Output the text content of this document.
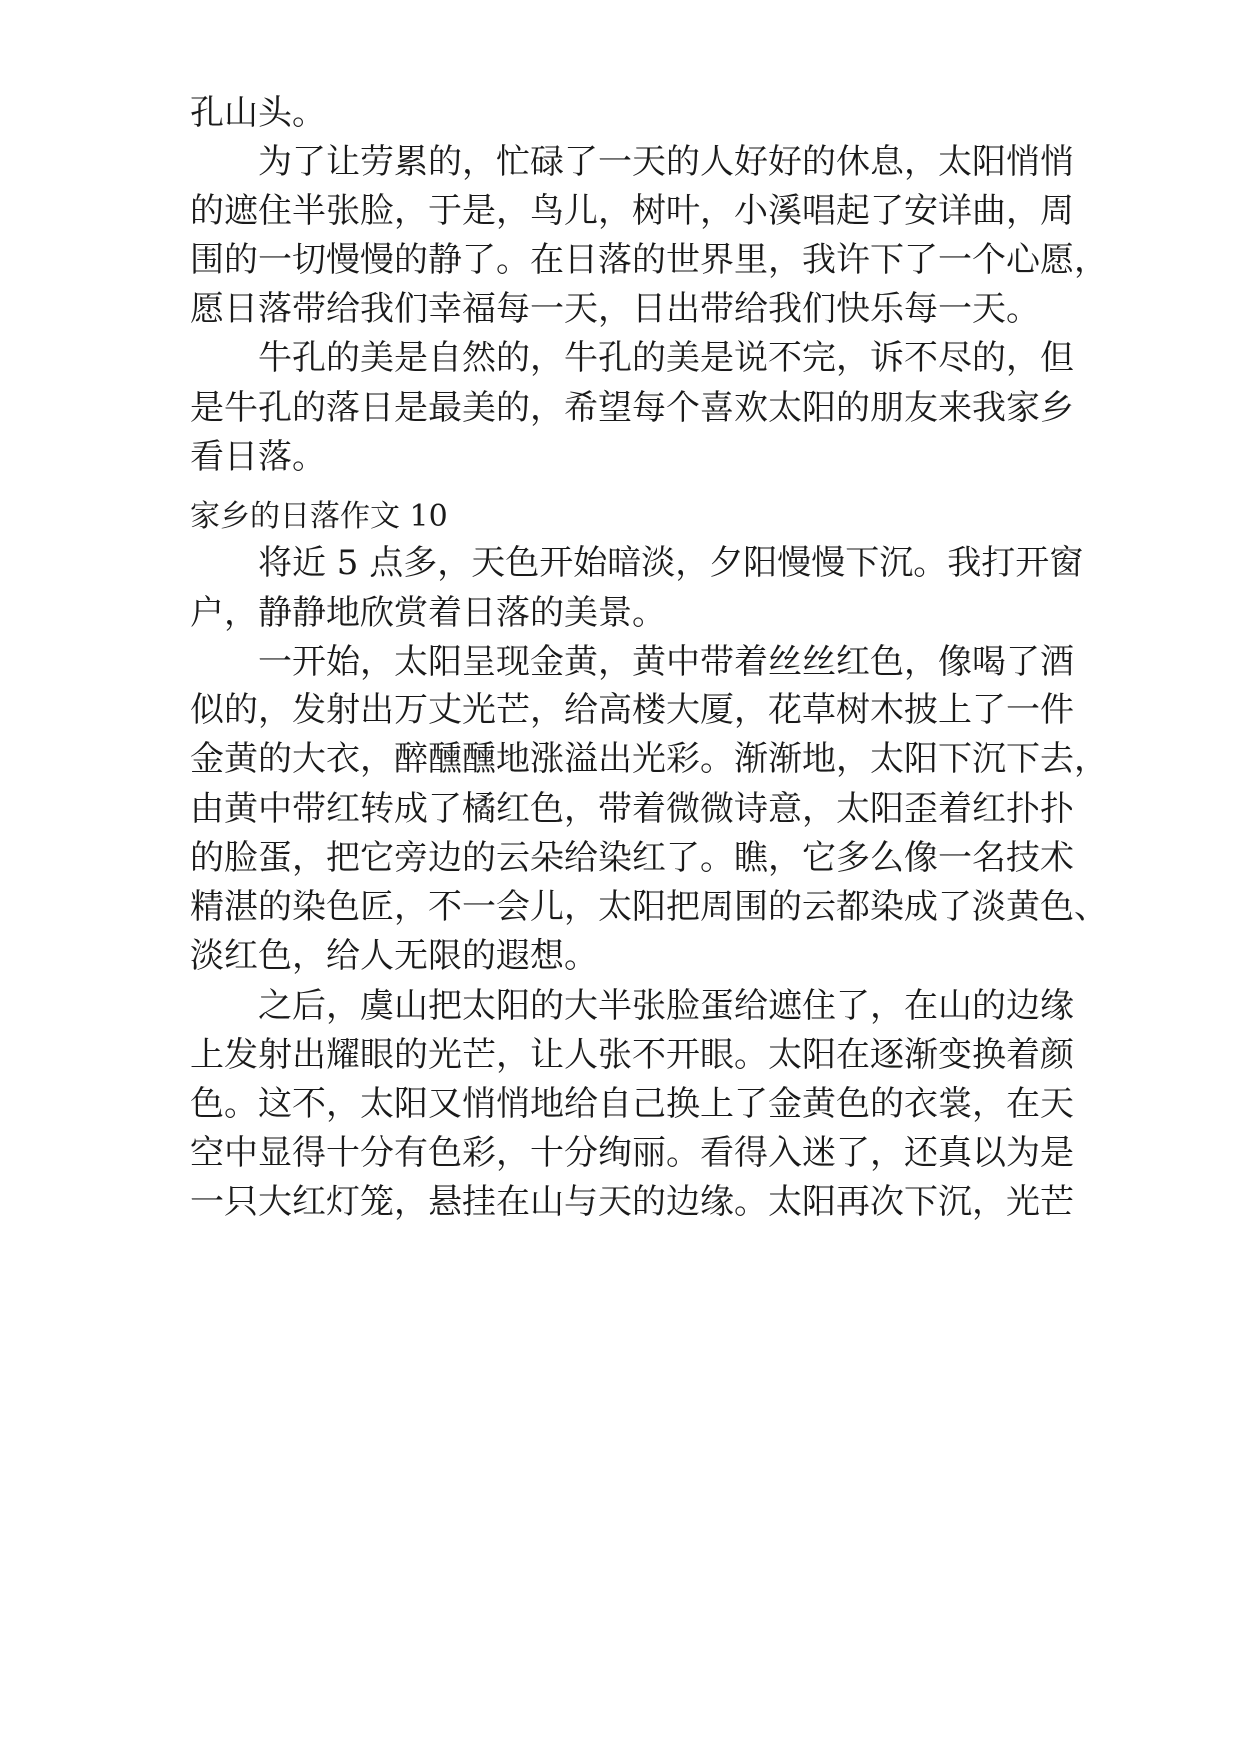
孔山头。
为了让劳累的，忙碌了一天的人好好的休息，太阳悄悄
的遮住半张脸，于是，鸟儿，树叶，小溪唱起了安详曲，周
围的一切慢慢的静了。在日落的世界里，我许下了一个心愿，
愿日落带给我们幸福每一天，日出带给我们快乐每一天。
牛孔的美是自然的，牛孔的美是说不完，诉不尽的，但
是牛孔的落日是最美的，希望每个喜欢太阳的朋友来我家乡
看日落。
家乡的日落作文 10
将近 5 点多，天色开始暗淡，夕阳慢慢下沉。我打开窗
户，静静地欣赏着日落的美景。
一开始，太阳呈现金黄，黄中带着丝丝红色，像喝了酒
似的，发射出万丈光芒，给高楼大厦，花草树木披上了一件
金黄的大衣，醉醺醺地涨溢出光彩。渐渐地，太阳下沉下去，
由黄中带红转成了橘红色，带着微微诗意，太阳歪着红扑扑
的脸蛋，把它旁边的云朵给染红了。瞧，它多么像一名技术
精湛的染色匠，不一会儿，太阳把周围的云都染成了淡黄色、
淡红色，给人无限的遐想。
之后，虞山把太阳的大半张脸蛋给遮住了，在山的边缘
上发射出耀眼的光芒，让人张不开眼。太阳在逐渐变换着颜
色。这不，太阳又悄悄地给自己换上了金黄色的衣裳，在天
空中显得十分有色彩，十分绚丽。看得入迷了，还真以为是
一只大红灯笼，悬挂在山与天的边缘。太阳再次下沉，光芒
